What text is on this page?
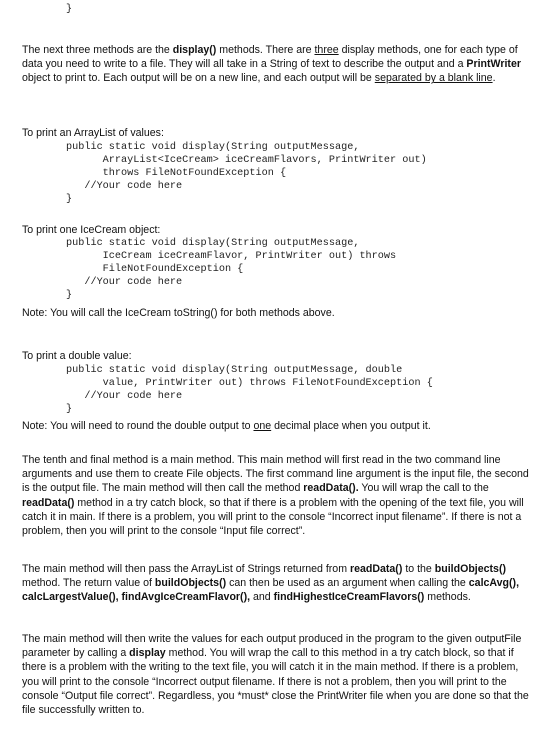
}

The next three methods are the display() methods. There are three display methods, one for each type of data you need to write to a file. They will all take in a String of text to describe the output and a PrintWriter object to print to. Each output will be on a new line, and each output will be separated by a blank line.

To print an ArrayList of values:

public static void display(String outputMessage,
ArrayList<IceCream> iceCreamFlavors, PrintWriter out)
throws FileNotFoundException {
//Your code here
}

To print one IceCream object:

public static void display(String outputMessage,
IceCream iceCreamFlavor, PrintWriter out) throws
FileNotFoundException {
//Your code here
}

Note: You will call the IceCream toString() for both methods above.

To print a double value:

public static void display(String outputMessage, double
value, PrintWriter out) throws FileNotFoundException {
//Your code here
}

Note: You will need to round the double output to one decimal place when you output it.

The tenth and final method is a main method. This main method will first read in the two command line arguments and use them to create File objects. The first command line argument is the input file, the second is the output file. The main method will then call the method readData(). You will wrap the call to the readData() method in a try catch block, so that if there is a problem with the opening of the text file, you will catch it in main. If there is a problem, you will print to the console “Incorrect input filename”. If there is not a problem, then you will print to the console “Input file correct”.

The main method will then pass the ArrayList of Strings returned from readData() to the buildObjects() method. The return value of buildObjects() can then be used as an argument when calling the calcAvg(), calcLargestValue(), findAvgIceCreamFlavor(), and findHighestIceCreamFlavors() methods.

The main method will then write the values for each output produced in the program to the given outputFile parameter by calling a display method. You will wrap the call to this method in a try catch block, so that if there is a problem with the writing to the text file, you will catch it in the main method. If there is a problem, you will print to the console “Incorrect output filename. If there is not a problem, then you will print to the console “Output file correct”. Regardless, you *must* close the PrintWriter file when you are done so that the file successfully written to.
